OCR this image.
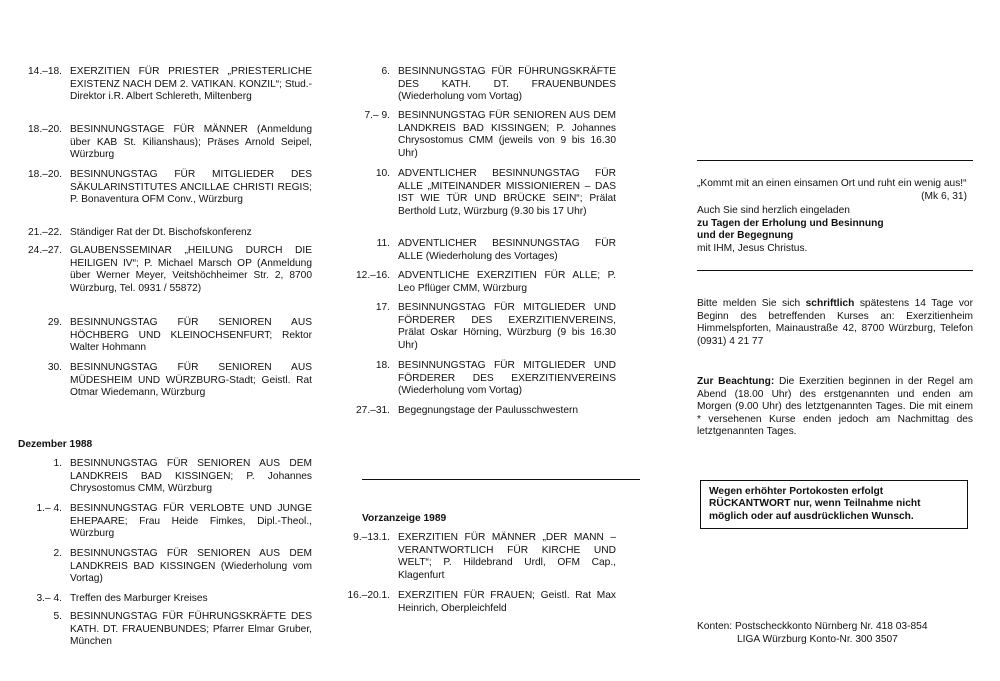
14.–18. EXERZITIEN FÜR PRIESTER „PRIESTERLICHE EXISTENZ NACH DEM 2. VATIKAN. KONZIL“; Stud.-Direktor i.R. Albert Schlereth, Miltenberg
18.–20. BESINNUNGSTAGE FÜR MÄNNER (Anmeldung über KAB St. Kilianshaus); Präses Arnold Seipel, Würzburg
18.–20. BESINNUNGSTAG FÜR MITGLIEDER DES SÄKULARINSTITUTES ANCILLAE CHRISTI REGIS; P. Bonaventura OFM Conv., Würzburg
21.–22. Ständiger Rat der Dt. Bischofskonferenz
24.–27. GLAUBENSSEMINAR „HEILUNG DURCH DIE HEILIGEN IV“; P. Michael Marsch OP (Anmeldung über Werner Meyer, Veitshöchheimer Str. 2, 8700 Würzburg, Tel. 0931 / 55872)
29. BESINNUNGSTAG FÜR SENIOREN AUS HÖCHBERG UND KLEINOCHSENFURT; Rektor Walter Hohmann
30. BESINNUNGSTAG FÜR SENIOREN AUS MÜDESHEIM UND WÜRZBURG-Stadt; Geistl. Rat Otmar Wiedemann, Würzburg
Dezember 1988
1. BESINNUNGSTAG FÜR SENIOREN AUS DEM LANDKREIS BAD KISSINGEN; P. Johannes Chrysostomus CMM, Würzburg
1.– 4. BESINNUNGSTAG FÜR VERLOBTE UND JUNGE EHEPAARE; Frau Heide Fimkes, Dipl.-Theol., Würzburg
2. BESINNUNGSTAG FÜR SENIOREN AUS DEM LANDKREIS BAD KISSINGEN (Wiederholung vom Vortag)
3.– 4. Treffen des Marburger Kreises
5. BESINNUNGSTAG FÜR FÜHRUNGSKRÄFTE DES KATH. DT. FRAUENBUNDES; Pfarrer Elmar Gruber, München
6. BESINNUNGSTAG FÜR FÜHRUNGSKRÄFTE DES KATH. DT. FRAUENBUNDES (Wiederholung vom Vortag)
7.– 9. BESINNUNGSTAG FÜR SENIOREN AUS DEM LANDKREIS BAD KISSINGEN; P. Johannes Chrysostomus CMM (jeweils von 9 bis 16.30 Uhr)
10. ADVENTLICHER BESINNUNGSTAG FÜR ALLE „MITEINANDER MISSIONIEREN – DAS IST WIE TÜR UND BRÜCKE SEIN“; Prälat Berthold Lutz, Würzburg (9.30 bis 17 Uhr)
11. ADVENTLICHER BESINNUNGSTAG FÜR ALLE (Wiederholung des Vortages)
12.–16. ADVENTLICHE EXERZITIEN FÜR ALLE; P. Leo Pflüger CMM, Würzburg
17. BESINNUNGSTAG FÜR MITGLIEDER UND FÖRDERER DES EXERZITIENVEREINS, Prälat Oskar Hörning, Würzburg (9 bis 16.30 Uhr)
18. BESINNUNGSTAG FÜR MITGLIEDER UND FÖRDERER DES EXERZITIENVEREINS (Wiederholung vom Vortag)
27.–31. Begegnungstage der Paulusschwestern
Vorzanzeige 1989
9.–13.1. EXERZITIEN FÜR MÄNNER „DER MANN – VERANTWORTLICH FÜR KIRCHE UND WELT“; P. Hildebrand Urdl, OFM Cap., Klagenfurt
16.–20.1. EXERZITIEN FÜR FRAUEN; Geistl. Rat Max Heinrich, Oberpleichfeld
„Kommt mit an einen einsamen Ort und ruht ein wenig aus!“
(Mk 6, 31)
Auch Sie sind herzlich eingeladen
zu Tagen der Erholung und Besinnung
und der Begegnung
mit IHM, Jesus Christus.
Bitte melden Sie sich schriftlich spätestens 14 Tage vor Beginn des betreffenden Kurses an: Exerzitienheim Himmelspforten, Mainaustraße 42, 8700 Würzburg, Telefon (0931) 4 21 77
Zur Beachtung: Die Exerzitien beginnen in der Regel am Abend (18.00 Uhr) des erstgenannten und enden am Morgen (9.00 Uhr) des letztgenannten Tages. Die mit einem * versehenen Kurse enden jedoch am Nachmittag des letztgenannten Tages.
Wegen erhöhter Portokosten erfolgt RÜCKANTWORT nur, wenn Teilnahme nicht möglich oder auf ausdrücklichen Wunsch.
Konten: Postscheckkonto Nürnberg Nr. 418 03-854
LIGA Würzburg Konto-Nr. 300 3507
